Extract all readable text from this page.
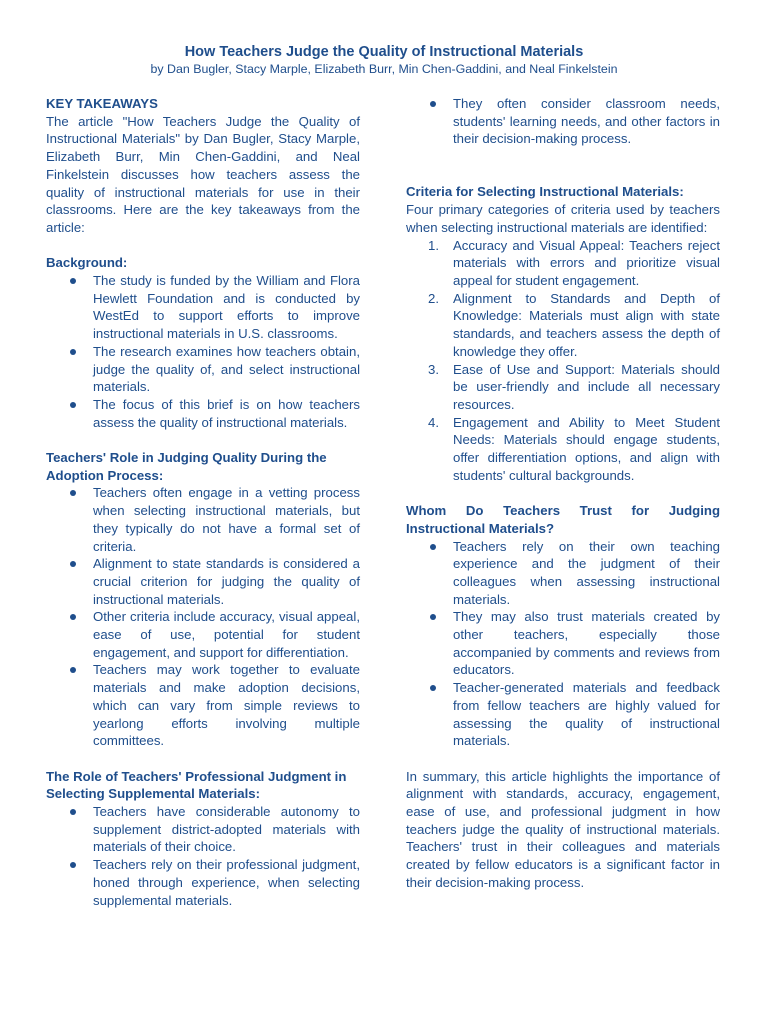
How Teachers Judge the Quality of Instructional Materials
by Dan Bugler, Stacy Marple, Elizabeth Burr, Min Chen-Gaddini, and Neal Finkelstein
KEY TAKEAWAYS

The article "How Teachers Judge the Quality of Instructional Materials" by Dan Bugler, Stacy Marple, Elizabeth Burr, Min Chen-Gaddini, and Neal Finkelstein discusses how teachers assess the quality of instructional materials for use in their classrooms. Here are the key takeaways from the article:

Background:
The study is funded by the William and Flora Hewlett Foundation and is conducted by WestEd to support efforts to improve instructional materials in U.S. classrooms.
The research examines how teachers obtain, judge the quality of, and select instructional materials.
The focus of this brief is on how teachers assess the quality of instructional materials.
Teachers' Role in Judging Quality During the Adoption Process:
Teachers often engage in a vetting process when selecting instructional materials, but they typically do not have a formal set of criteria.
Alignment to state standards is considered a crucial criterion for judging the quality of instructional materials.
Other criteria include accuracy, visual appeal, ease of use, potential for student engagement, and support for differentiation.
Teachers may work together to evaluate materials and make adoption decisions, which can vary from simple reviews to yearlong efforts involving multiple committees.
The Role of Teachers' Professional Judgment in Selecting Supplemental Materials:
Teachers have considerable autonomy to supplement district-adopted materials with materials of their choice.
Teachers rely on their professional judgment, honed through experience, when selecting supplemental materials.
They often consider classroom needs, students' learning needs, and other factors in their decision-making process.
Criteria for Selecting Instructional Materials:

Four primary categories of criteria used by teachers when selecting instructional materials are identified:

1. Accuracy and Visual Appeal: Teachers reject materials with errors and prioritize visual appeal for student engagement.
2. Alignment to Standards and Depth of Knowledge: Materials must align with state standards, and teachers assess the depth of knowledge they offer.
3. Ease of Use and Support: Materials should be user-friendly and include all necessary resources.
4. Engagement and Ability to Meet Student Needs: Materials should engage students, offer differentiation options, and align with students' cultural backgrounds.
Whom Do Teachers Trust for Judging Instructional Materials?
Teachers rely on their own teaching experience and the judgment of their colleagues when assessing instructional materials.
They may also trust materials created by other teachers, especially those accompanied by comments and reviews from educators.
Teacher-generated materials and feedback from fellow teachers are highly valued for assessing the quality of instructional materials.

In summary, this article highlights the importance of alignment with standards, accuracy, engagement, ease of use, and professional judgment in how teachers judge the quality of instructional materials. Teachers' trust in their colleagues and materials created by fellow educators is a significant factor in their decision-making process.
